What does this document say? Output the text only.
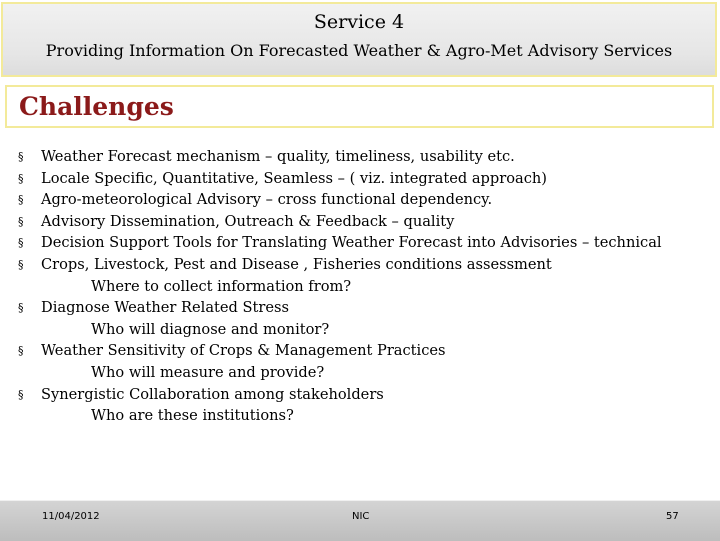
Service 4
Providing Information On Forecasted Weather & Agro-Met Advisory Services
Challenges
§	Weather Forecast mechanism – quality, timeliness, usability etc.
§	Locale Specific, Quantitative, Seamless – ( viz. integrated approach)
§	Agro-meteorological Advisory – cross functional dependency.
§	Advisory Dissemination, Outreach & Feedback – quality
§	Decision Support Tools for Translating Weather Forecast into Advisories – technical
§	Crops, Livestock, Pest and Disease , Fisheries conditions assessment
Where to collect information from?
§	Diagnose Weather Related Stress
Who will diagnose and monitor?
§	Weather Sensitivity of Crops & Management Practices
Who will measure and provide?
§	Synergistic Collaboration among stakeholders
Who are these institutions?
11/04/2012	NIC	57
